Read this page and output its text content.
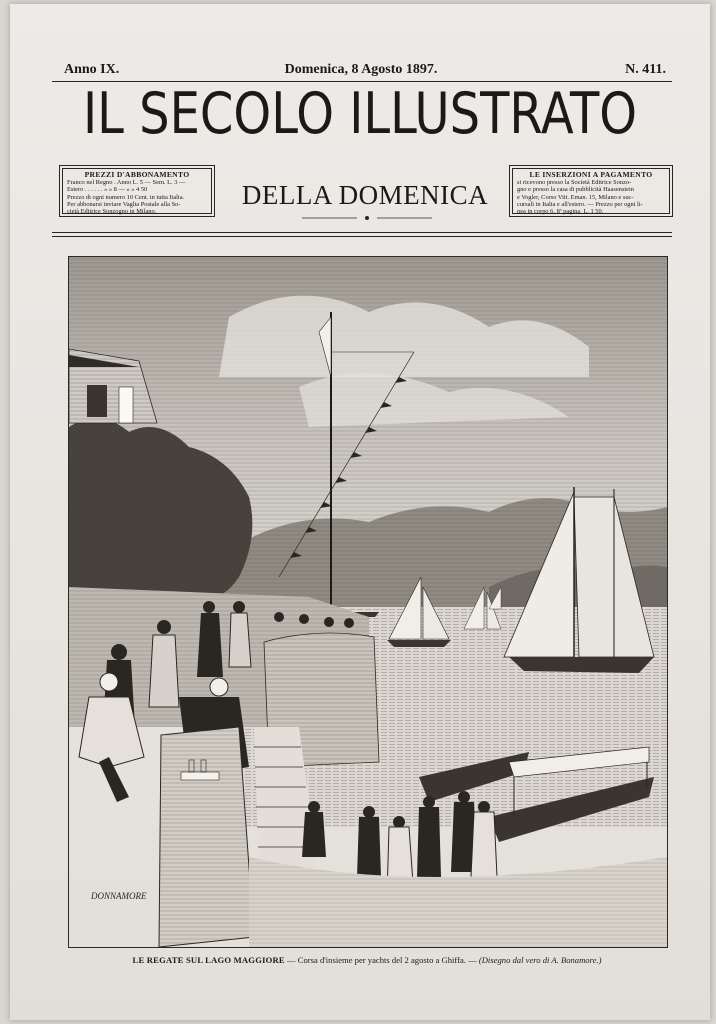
Anno IX.	Domenica, 8 Agosto 1897.	N. 411.
IL SECOLO ILLUSTRATO
PREZZI D'ABBONAMENTO

Franco nel Regno . Anno L. 5 — Sem. L. 3 —

Estero . . . . . . » » 8 — » » 4 50

Prezzo di ogni numero 10 Cent. in tutta Italia.

Per abbonarsi inviare Vaglia Postale alla So-

cietà Editrice Sonzogno in Milano.

DELLA DOMENICA
LE INSERZIONI A PAGAMENTO

si ricevono presso la Società Editrice Sonzo-

gno e presso la casa di pubblicità Haasenstein

e Vogler, Corso Vitt. Eman. 15, Milano e suc-

cursali in Italia e all'estero. — Prezzo per ogni li-

nea in corpo 6, 8ª pagina, L. 1 50.

DONNAMORE
LE REGATE SUL LAGO MAGGIORE — Corsa d'insieme per yachts del 2 agosto a Ghiffa. — (Disegno dal vero di A. Bonamore.)
